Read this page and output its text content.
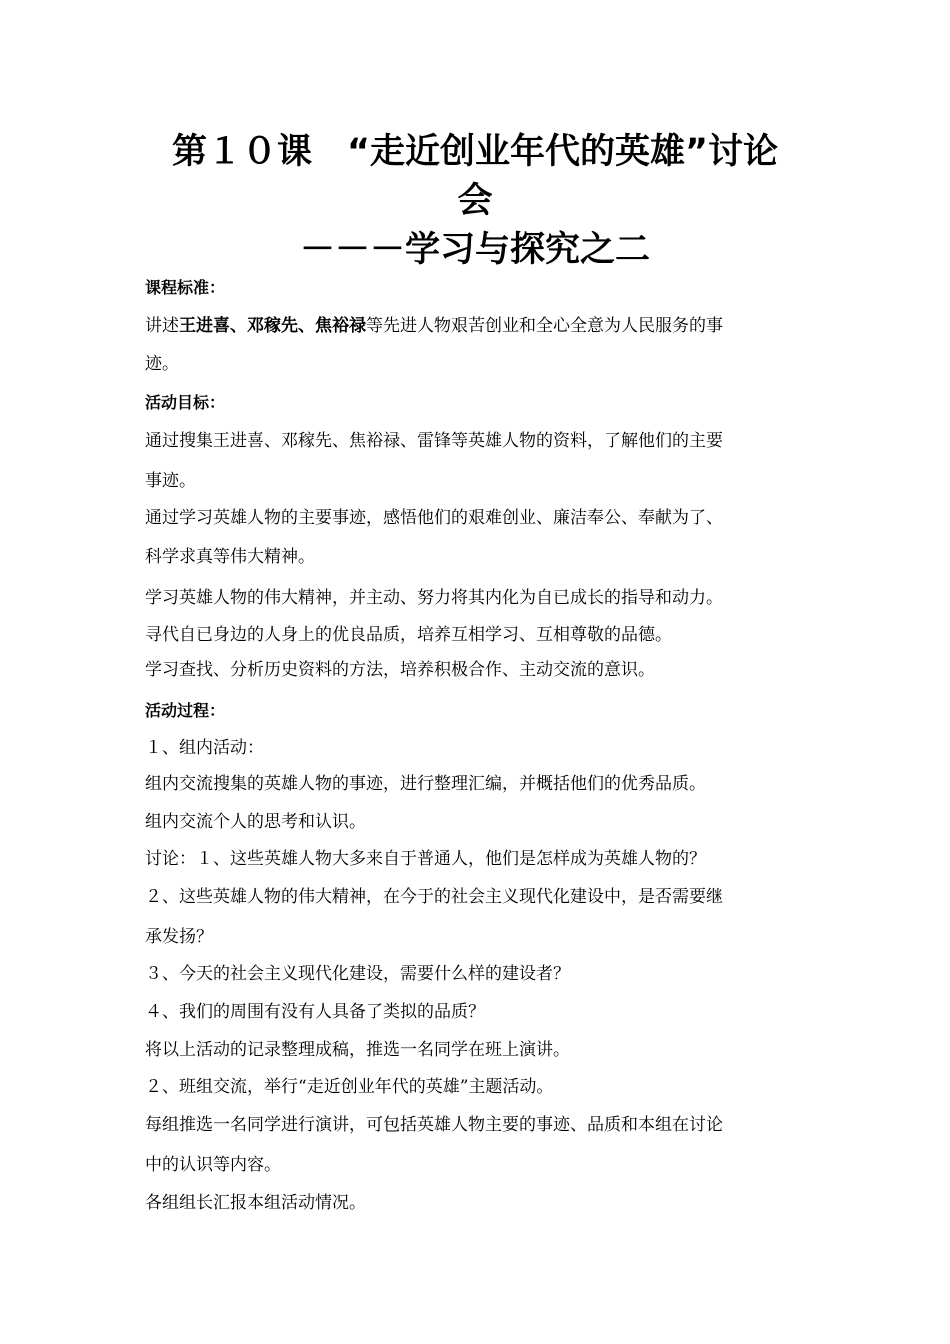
第１０课　“走近创业年代的英雄”讨论
会
－－－学习与探究之二
课程标准：
讲述王进喜、邓稼先、焦裕禄等先进人物艰苦创业和全心全意为人民服务的事
迹。
活动目标：
通过搜集王进喜、邓稼先、焦裕禄、雷锋等英雄人物的资料，了解他们的主要
事迹。
通过学习英雄人物的主要事迹，感悟他们的艰难创业、廉洁奉公、奉献为了、
科学求真等伟大精神。
学习英雄人物的伟大精神，并主动、努力将其内化为自已成长的指导和动力。
寻代自已身边的人身上的优良品质，培养互相学习、互相尊敬的品德。
学习查找、分析历史资料的方法，培养积极合作、主动交流的意识。
活动过程：
１、组内活动：
组内交流搜集的英雄人物的事迹，进行整理汇编，并概括他们的优秀品质。
组内交流个人的思考和认识。
讨论：１、这些英雄人物大多来自于普通人，他们是怎样成为英雄人物的？
２、这些英雄人物的伟大精神，在今于的社会主义现代化建设中，是否需要继
承发扬？
３、今天的社会主义现代化建设，需要什么样的建设者？
４、我们的周围有没有人具备了类拟的品质？
将以上活动的记录整理成稿，推选一名同学在班上演讲。
２、班组交流，举行“走近创业年代的英雄”主题活动。
每组推选一名同学进行演讲，可包括英雄人物主要的事迹、品质和本组在讨论
中的认识等内容。
各组组长汇报本组活动情况。
